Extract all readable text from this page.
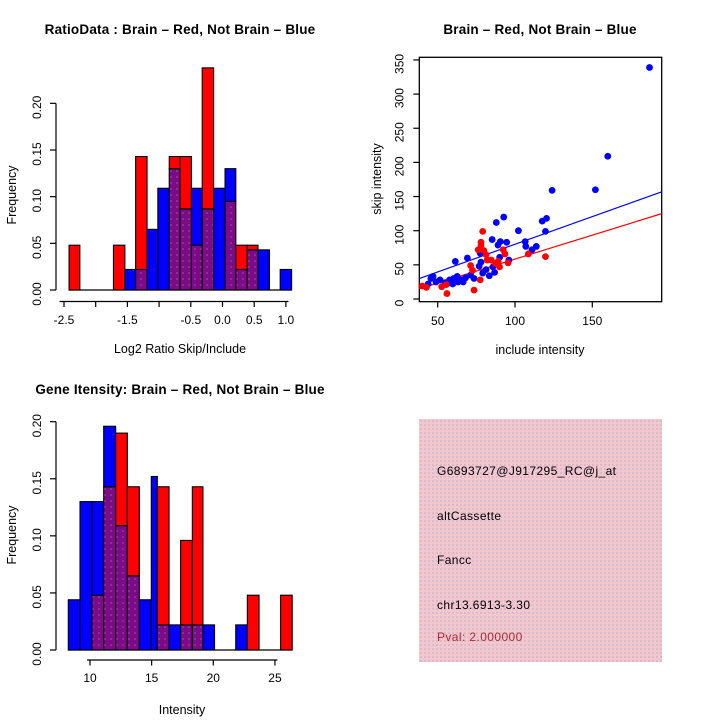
0.00
0.05
0.10
0.15
0.20
-2.5	-1.5	-0.5 0.0 0.5 1.0	50	100	150
0
50
100
150
200
250
300
350
0.00
0.05
0.10
0.15
0.20
10	15	20	25
RatioData : Brain – Red, Not Brain – Blue	Brain – Red, Not Brain – Blue
Gene Itensity: Brain – Red, Not Brain – Blue
Log2 Ratio Skip/Include	include intensity
Intensity
Frequency	skip intensity
Frequency
G6893727@J917295_RC@j_at
altCassette
Fancc
chr13.6913-3.30
Pval: 2.000000
